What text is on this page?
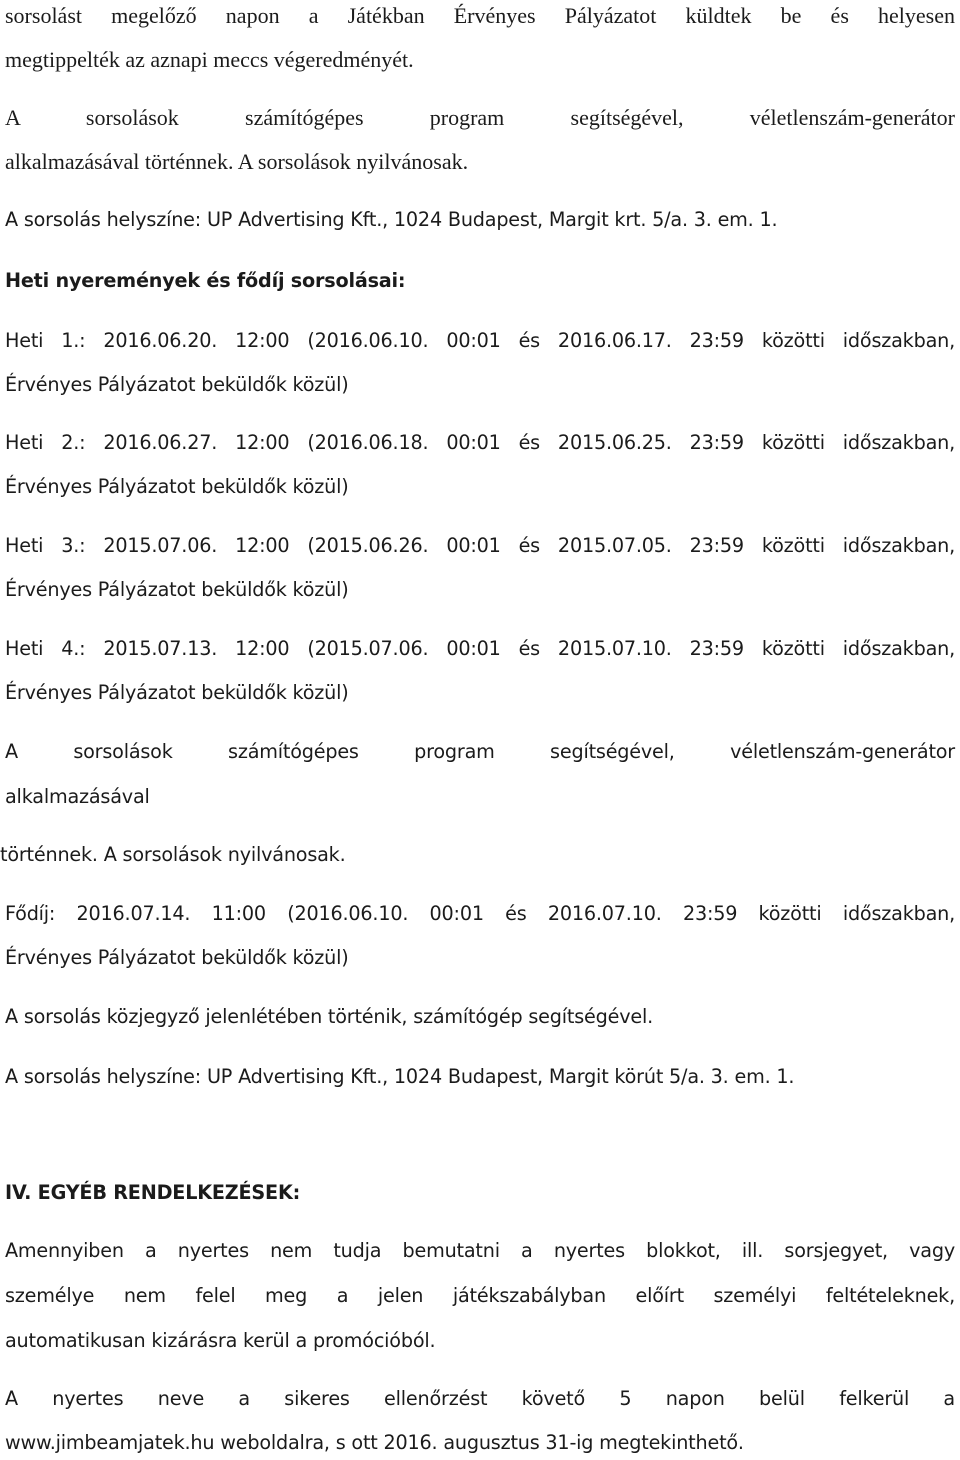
sorsolást megelőző napon a Játékban Érvényes Pályázatot küldtek be és helyesen
megtippelték az aznapi meccs végeredményét.
A sorsolások számítógépes program segítségével, véletlenszám-generátor
alkalmazásával történnek. A sorsolások nyilvánosak.
A sorsolás helyszíne: UP Advertising Kft., 1024 Budapest, Margit krt. 5/a. 3. em. 1.
Heti nyeremények és fődíj sorsolásai:
Heti 1.: 2016.06.20. 12:00 (2016.06.10. 00:01 és 2016.06.17. 23:59 közötti időszakban,
Érvényes Pályázatot beküldők közül)
Heti 2.: 2016.06.27. 12:00 (2016.06.18. 00:01 és 2015.06.25. 23:59 közötti időszakban,
Érvényes Pályázatot beküldők közül)
Heti 3.: 2015.07.06. 12:00 (2015.06.26. 00:01 és 2015.07.05. 23:59 közötti időszakban,
Érvényes Pályázatot beküldők közül)
Heti 4.: 2015.07.13. 12:00 (2015.07.06. 00:01 és 2015.07.10. 23:59 közötti időszakban,
Érvényes Pályázatot beküldők közül)
A sorsolások számítógépes program segítségével, véletlenszám-generátor
alkalmazásával
történnek. A sorsolások nyilvánosak.
Fődíj: 2016.07.14. 11:00 (2016.06.10. 00:01 és 2016.07.10. 23:59 közötti időszakban,
Érvényes Pályázatot beküldők közül)
A sorsolás közjegyző jelenlétében történik, számítógép segítségével.
A sorsolás helyszíne: UP Advertising Kft., 1024 Budapest, Margit körút 5/a. 3. em. 1.
IV. EGYÉB RENDELKEZÉSEK:
Amennyiben a nyertes nem tudja bemutatni a nyertes blokkot, ill. sorsjegyet, vagy
személye nem felel meg a jelen játékszabályban előírt személyi feltételeknek,
automatikusan kizárásra kerül a promócióból.
A nyertes neve a sikeres ellenőrzést követő 5 napon belül felkerül a
www.jimbeamjatek.hu weboldalra, s ott 2016. augusztus 31-ig megtekinthető.
